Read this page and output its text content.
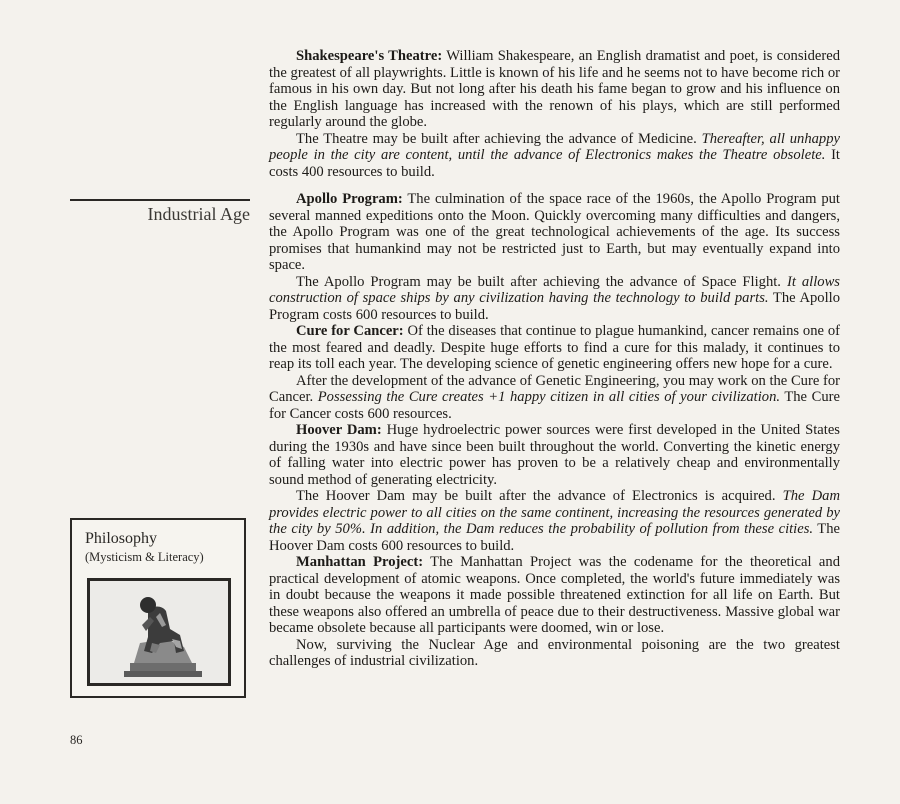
Industrial Age

Shakespeare's Theatre: William Shakespeare, an English dramatist and poet, is considered the greatest of all playwrights. Little is known of his life and he seems not to have become rich or famous in his own day. But not long after his death his fame began to grow and his influence on the English language has increased with the renown of his plays, which are still performed regularly around the globe.

The Theatre may be built after achieving the advance of Medicine. Thereafter, all unhappy people in the city are content, until the advance of Electronics makes the Theatre obsolete. It costs 400 resources to build.

Apollo Program: The culmination of the space race of the 1960s, the Apollo Program put several manned expeditions onto the Moon. Quickly overcoming many difficulties and dangers, the Apollo Program was one of the great technological achievements of the age. Its success promises that humankind may not be restricted just to Earth, but may eventually expand into space.

The Apollo Program may be built after achieving the advance of Space Flight. It allows construction of space ships by any civilization having the technology to build parts. The Apollo Program costs 600 resources to build.

Cure for Cancer: Of the diseases that continue to plague humankind, cancer remains one of the most feared and deadly. Despite huge efforts to find a cure for this malady, it continues to reap its toll each year. The developing science of genetic engineering offers new hope for a cure.

After the development of the advance of Genetic Engineering, you may work on the Cure for Cancer. Possessing the Cure creates +1 happy citizen in all cities of your civilization. The Cure for Cancer costs 600 resources.

Hoover Dam: Huge hydroelectric power sources were first developed in the United States during the 1930s and have since been built throughout the world. Converting the kinetic energy of falling water into electric power has proven to be a relatively cheap and environmentally sound method of generating electricity.

The Hoover Dam may be built after the advance of Electronics is acquired. The Dam provides electric power to all cities on the same continent, increasing the resources generated by the city by 50%. In addition, the Dam reduces the probability of pollution from these cities. The Hoover Dam costs 600 resources to build.

Manhattan Project: The Manhattan Project was the codename for the theoretical and practical development of atomic weapons. Once completed, the world's future immediately was in doubt because the weapons it made possible threatened extinction for all life on Earth. But these weapons also offered an umbrella of peace due to their destructiveness. Massive global war became obsolete because all participants were doomed, win or lose.

Now, surviving the Nuclear Age and environmental poisoning are the two greatest challenges of industrial civilization.

Philosophy
(Mysticism & Literacy)
86
